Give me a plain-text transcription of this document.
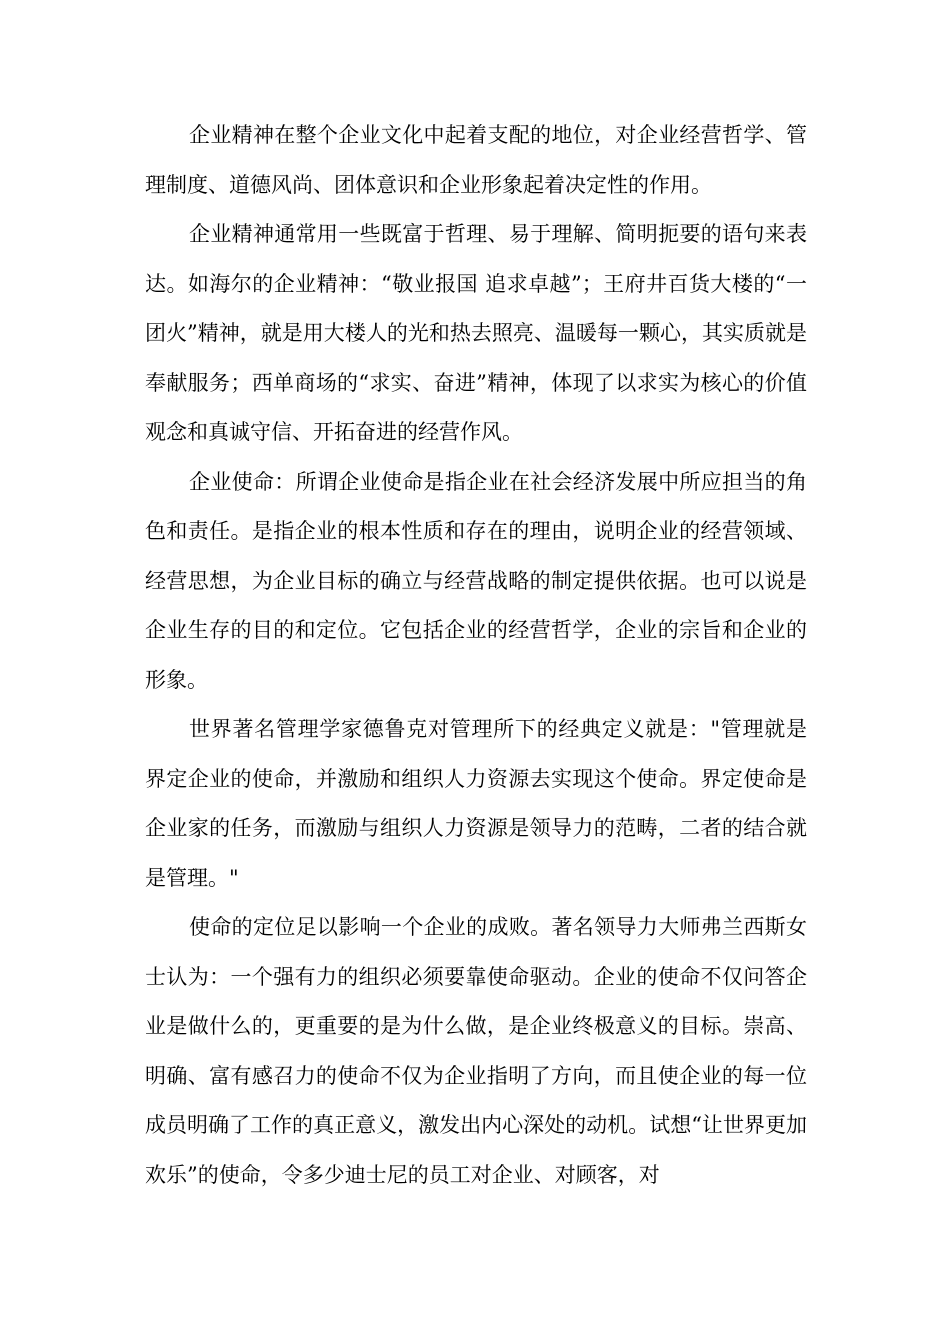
企业精神在整个企业文化中起着支配的地位，对企业经营哲学、管理制度、道德风尚、团体意识和企业形象起着决定性的作用。

企业精神通常用一些既富于哲理、易于理解、简明扼要的语句来表达。如海尔的企业精神：“敬业报国 追求卓越”；王府井百货大楼的“一团火”精神，就是用大楼人的光和热去照亮、温暖每一颗心，其实质就是奉献服务；西单商场的“求实、奋进”精神，体现了以求实为核心的价值观念和真诚守信、开拓奋进的经营作风。

企业使命：所谓企业使命是指企业在社会经济发展中所应担当的角色和责任。是指企业的根本性质和存在的理由，说明企业的经营领域、经营思想，为企业目标的确立与经营战略的制定提供依据。也可以说是企业生存的目的和定位。它包括企业的经营哲学，企业的宗旨和企业的形象。

世界著名管理学家德鲁克对管理所下的经典定义就是："管理就是界定企业的使命，并激励和组织人力资源去实现这个使命。界定使命是企业家的任务，而激励与组织人力资源是领导力的范畴，二者的结合就是管理。"

使命的定位足以影响一个企业的成败。著名领导力大师弗兰西斯女士认为：一个强有力的组织必须要靠使命驱动。企业的使命不仅问答企业是做什么的，更重要的是为什么做，是企业终极意义的目标。崇高、明确、富有感召力的使命不仅为企业指明了方向，而且使企业的每一位成员明确了工作的真正意义，激发出内心深处的动机。试想“让世界更加欢乐”的使命，令多少迪士尼的员工对企业、对顾客，对
